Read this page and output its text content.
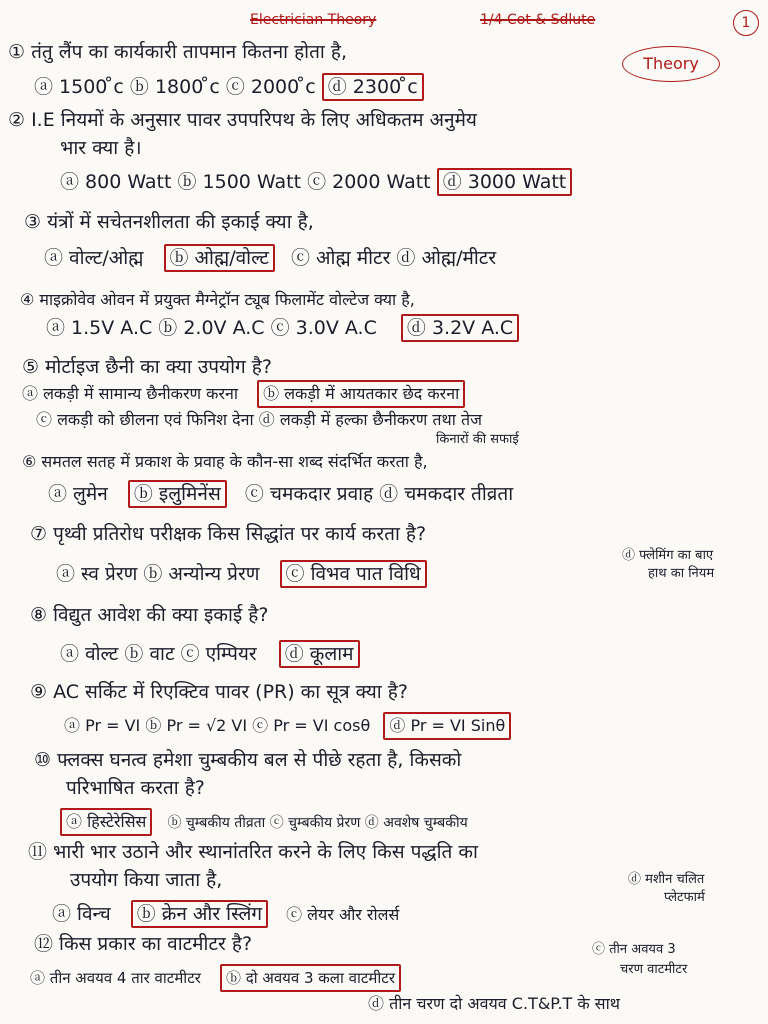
Electrician Theory	1/4 Cot & Sdlute	1
Theory
① तंतु लैंप का कार्यकारी तापमान कितना होता है,
ⓐ 1500 ̊c ⓑ 1800 ̊c ⓒ 2000 ̊c ⓓ 2300 ̊c
② I.E नियमों के अनुसार पावर उपपरिपथ के लिए अधिकतम अनुमेय
भार क्या है।
ⓐ 800 Watt ⓑ 1500 Watt ⓒ 2000 Watt ⓓ 3000 Watt
③ यंत्रों में सचेतनशीलता की इकाई क्या है,
ⓐ वोल्ट/ओह्म ⓑ ओह्म/वोल्ट ⓒ ओह्म मीटर ⓓ ओह्म/मीटर
④ माइक्रोवेव ओवन में प्रयुक्त मैग्नेट्रॉन ट्यूब फिलामेंट वोल्टेज क्या है,
ⓐ 1.5V A.C ⓑ 2.0V A.C ⓒ 3.0V A.C ⓓ 3.2V A.C
⑤ मोर्टाइज छैनी का क्या उपयोग है?
ⓐ लकड़ी में सामान्य छैनीकरण करना ⓑ लकड़ी में आयतकार छेद करना
ⓒ लकड़ी को छीलना एवं फिनिश देना ⓓ लकड़ी में हल्का छैनीकरण तथा तेज
किनारों की सफाई
⑥ समतल सतह में प्रकाश के प्रवाह के कौन-सा शब्द संदर्भित करता है,
ⓐ लुमेन ⓑ इलुमिनेंस ⓒ चमकदार प्रवाह ⓓ चमकदार तीव्रता
⑦ पृथ्वी प्रतिरोध परीक्षक किस सिद्धांत पर कार्य करता है?
ⓐ स्व प्रेरण ⓑ अन्योन्य प्रेरण ⓒ विभव पात विधि
ⓓ फ्लेमिंग का बाए
हाथ का नियम
⑧ विद्युत आवेश की क्या इकाई है?
ⓐ वोल्ट ⓑ वाट ⓒ एम्पियर ⓓ कूलाम
⑨ AC सर्किट में रिएक्टिव पावर (PR) का सूत्र क्या है?
ⓐ Pr = VI ⓑ Pr = √2 VI ⓒ Pr = VI cosθ ⓓ Pr = VI Sinθ
⑩ फ्लक्स घनत्व हमेशा चुम्बकीय बल से पीछे रहता है, किसको
परिभाषित करता है?
ⓐ हिस्टेरेसिस ⓑ चुम्बकीय तीव्रता ⓒ चुम्बकीय प्रेरण ⓓ अवशेष चुम्बकीय
⑪ भारी भार उठाने और स्थानांतरित करने के लिए किस पद्धति का
उपयोग किया जाता है,
ⓐ विन्च ⓑ क्रेन और स्लिंग ⓒ लेयर और रोलर्स
ⓓ मशीन चलित
प्लेटफार्म
⑫ किस प्रकार का वाटमीटर है?
ⓐ तीन अवयव 4 तार वाटमीटर ⓑ दो अवयव 3 कला वाटमीटर
ⓒ तीन अवयव 3
चरण वाटमीटर
ⓓ तीन चरण दो अवयव C.T&P.T के साथ
